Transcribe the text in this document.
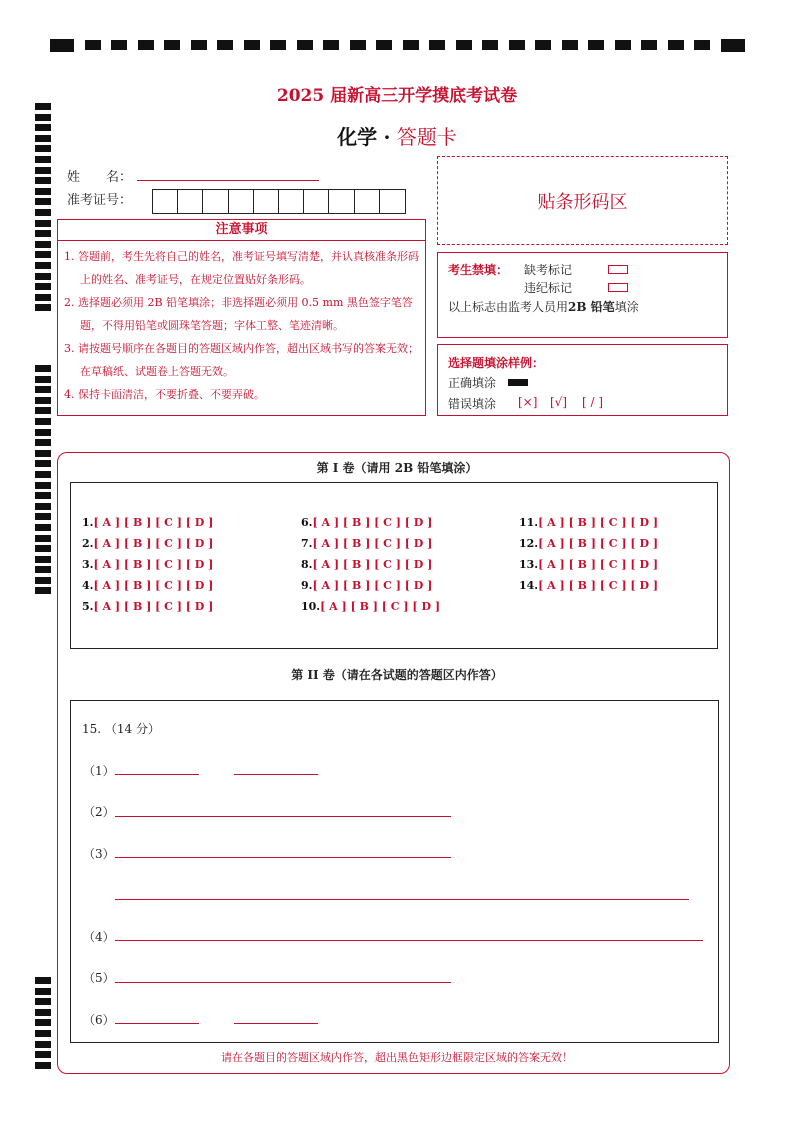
2025 届新高三开学摸底考试卷
化学 · 答题卡
姓　　名：
准考证号：	贴条形码区
注意事项

1. 答题前，考生先将自己的姓名，准考证号填写清楚，并认真核准条形码上的姓名、准考证号，在规定位置贴好条形码。

2. 选择题必须用 2B 铅笔填涂；非选择题必须用 0.5 mm 黑色签字笔答题，不得用铅笔或圆珠笔答题；字体工整、笔迹清晰。

3. 请按题号顺序在各题目的答题区域内作答，超出区域书写的答案无效；在草稿纸、试题卷上答题无效。

4. 保持卡面清洁，不要折叠、不要弄破。

考生禁填： 缺考标记
违纪标记
以上标志由监考人员用2B 铅笔填涂
选择题填涂样例：
正确填涂
错误填涂 [×] [√] [ / ]
第 I 卷（请用 2B 铅笔填涂）
1.[ A ] [ B ] [ C ] [ D ]
2.[ A ] [ B ] [ C ] [ D ]
3.[ A ] [ B ] [ C ] [ D ]
4.[ A ] [ B ] [ C ] [ D ]
5.[ A ] [ B ] [ C ] [ D ]
6.[ A ] [ B ] [ C ] [ D ]
7.[ A ] [ B ] [ C ] [ D ]
8.[ A ] [ B ] [ C ] [ D ]
9.[ A ] [ B ] [ C ] [ D ]
10.[ A ] [ B ] [ C ] [ D ]
11.[ A ] [ B ] [ C ] [ D ]
12.[ A ] [ B ] [ C ] [ D ]
13.[ A ] [ B ] [ C ] [ D ]
14.[ A ] [ B ] [ C ] [ D ]
第 II 卷（请在各试题的答题区内作答）
15. （14 分）
（1）
（2）
（3）
（4）
（5）
（6）
请在各题目的答题区域内作答，超出黑色矩形边框限定区域的答案无效！
